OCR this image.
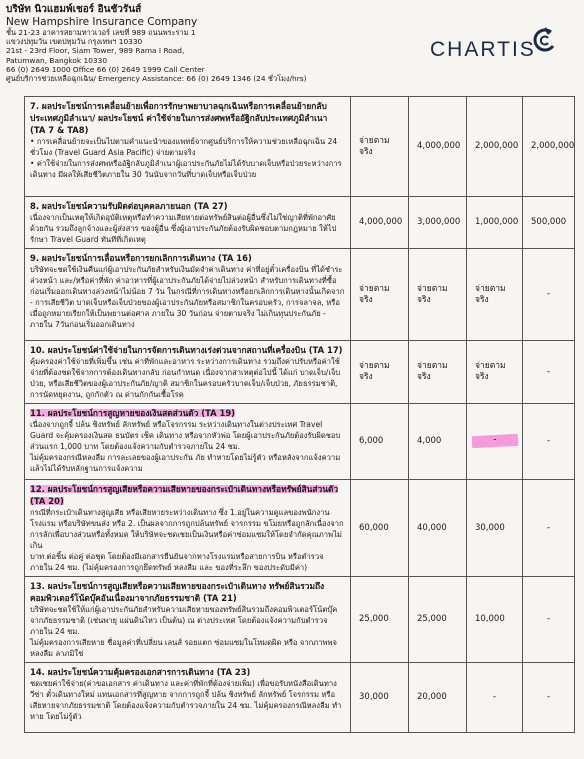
บริษัท นิวแฮมพ์เชอร์ อินชัวรันส์
New Hampshire Insurance Company
ชั้น 21-23 อาคารสยามทาวเวอร์ เลขที่ 989 ถนนพระราม 1
แขวงปทุมวัน เขตปทุมวัน กรุงเทพฯ 10330
21st - 23rd Floor, Siam Tower, 989 Rama I Road,
Patumwan, Bangkok 10330
66 (0) 2649 1000 Office 66 (0) 2649 1999 Call Center
ศูนย์บริการช่วยเหลือฉุกเฉิน/ Emergency Assistance: 66 (0) 2649 1346 (24 ชั่วโมง/hrs)
CHARTIS
7. ผลประโยชน์การเคลื่อนย้ายเพื่อการรักษาพยาบาลฉุกเฉินหรือการเคลื่อนย้ายกลับประเทศภูมิลำเนา/ ผลประโยชน์ ค่าใช้จ่ายในการส่งศพหรืออัฐิกลับประเทศภูมิลำเนา (TA 7 & TA8)
• การเคลื่อนย้ายจะเป็นไปตามคำแนะนำของแพทย์จากศูนย์บริการให้ความช่วยเหลือฉุกเฉิน 24 ชั่วโมง (Travel Guard Asia Pacific) จ่ายตามจริง
• ค่าใช้จ่ายในการส่งศพหรืออัฐิกลับภูมิลำเนาผู้เอาประกันภัยไม่ได้รับบาดเจ็บหรือป่วยระหว่างการเดินทาง มีผลให้เสียชีวิตภายใน 30 วันนับจากวันที่บาดเจ็บหรือเจ็บป่วย	จ่ายตามจริง	4,000,000	2,000,000	2,000,000

8. ผลประโยชน์ความรับผิดต่อบุคคลภายนอก (TA 27)
เนื่องจากเป็นเหตุให้เกิดอุบัติเหตุหรือทำความเสียหายต่อทรัพย์สินต่อผู้อื่นซึ่งไม่ใช่ญาติที่พักอาศัยด้วยกัน รวมถึงลูกจ้างและผู้ส่งสาร ของผู้อื่น ซึ่งผู้เอาประกันภัยต้องรับผิดชอบตามกฎหมาย ให้ไปรักษา Travel Guard ทันทีที่เกิดเหตุ	4,000,000	3,000,000	1,000,000	500,000

9. ผลประโยชน์การเลื่อนหรือการยกเลิกการเดินทาง (TA 16)
บริษัทจะชดใช้เงินคืนแก่ผู้เอาประกันภัยสำหรับเงินมัดจำค่าเดินทาง ค่าที่อยู่ตั๋วเครื่องบิน ที่ได้ชำระล่วงหน้า และ/หรือค่าที่พัก ค่าอาหารที่ผู้เอาประกันภัยได้จ่ายไปล่วงหน้า สำหรับการเดินทางที่ซื้อก่อนเริ่มออกเดินทางล่วงหน้าไม่น้อย 7 วัน ในกรณีที่การเดินทางหรือยกเลิกการเดินทางนั้นเกิดจาก
- การเสียชีวิต บาดเจ็บหรือเจ็บป่วยของผู้เอาประกันภัยหรือสมาชิกในครอบครัว, การจลาจล, หรือเมื่อถูกหมายเรียกให้เป็นพยานต่อศาล ภายใน 30 วันก่อน จ่ายตามจริง ไม่เกินทุนประกันภัย - ภายใน 7วันก่อนเริ่มออกเดินทาง	จ่ายตามจริง	จ่ายตาม จริง	จ่ายตาม จริง	-

10. ผลประโยชน์ค่าใช้จ่ายในการจัดการเดินทางเร่งด่วนจากสถานที่เครื่องบิน (TA 17)
คุ้มครองค่าใช้จ่ายที่เพิ่มขึ้น เช่น ค่าที่พักและอาหาร ระหว่างการเดินทาง รวมถึงค่าปรับหรือค่าใช้จ่ายที่ต้องชดใช้จากการต้องเดินทางกลับ ก่อนกำหนด เนื่องจากสาเหตุต่อไปนี้ ได้แก่ บาดเจ็บ/เจ็บป่วย, หรือเสียชีวิตของผู้เอาประกันภัย/ญาติ สมาชิกในครอบครัวบาดเจ็บ/เจ็บป่วย, ภัยธรรมชาติ, การนัดหยุดงาน, ถูกกักตัว ณ ด่านกักกันเชื้อโรค	จ่ายตามจริง	จ่ายตามจริง	จ่ายตามจริง	-

11. ผลประโยชน์การสูญหายของเงินสดส่วนตัว (TA 19)
เนื่องจากถูกจี้ ปล้น ชิงทรัพย์ ลักทรัพย์ หรือโจรกรรม ระหว่างเดินทางในต่างประเทศ Travel Guard จะคุ้มครองเงินสด ธนบัตร เช็ค เดินทาง หรือจากหัวพ่อ โดยผู้เอาประกันภัยต้องรับผิดชอบส่วนแรก 1,000 บาท โดยต้องแจ้งความกับตำรวจภายใน 24 ชม.
ไม่คุ้มครองกรณีหลงลืม การละเลยของผู้เอาประกัน ภัย ทำหายโดยไม่รู้ตัว หรือหลังจากแจ้งความแล้วไม่ได้รับหลักฐานการแจ้งความ	6,000	4,000	-	-

12. ผลประโยชน์การสูญเสียหรือความเสียหายของกระเป๋าเดินทางหรือทรัพย์สินส่วนตัว (TA 20)
กรณีที่กระเป๋าเดินทางสูญเสีย หรือเสียหายระหว่างเดินทาง ซึ่ง 1.อยู่ในความดูแลของพนักงานโรงแรม หรือบริษัทขนส่ง หรือ 2. เป็นผลจากการถูกปล้นทรัพย์ จารกรรม ขโมยหรือถูกลักเนื่องจากการลักเพื่อบางส่วนหรือทั้งหมด ให้บริษัทจะชดเชยเป็นเงินหรือค่าซ่อมแซมให้โดยจำกัดคุณภาพไม่เกิน
บาท ต่อชิ้น ต่อคู่ ต่อชุด โดยต้องมีเอกสารยืนยันจากทางโรงแรมหรือสายการบิน หรือตำรวจภายใน 24 ชม. (ไม่คุ้มครองการถูกยึดทรัพย์ หลงลืม และ ของที่ระลึก ของประดับมีค่า)	60,000	40,000	30,000	-

13. ผลประโยชน์การสูญเสียหรือความเสียหายของกระเป๋าเดินทาง ทรัพย์สินรวมถึงคอมพิวเตอร์โน้ตบุ๊คอันเนื่องมาจากภัยธรรมชาติ (TA 21)
บริษัทจะชดใช้ให้แก่ผู้เอาประกันภัยสำหรับความเสียหายของทรัพย์สินรวมถึงคอมพิวเตอร์โน้ตบุ๊คจากภัยธรรมชาติ (เช่นพายุ แผ่นดินไหว เป็นต้น) ณ ต่างประเทศ โดยต้องแจ้งความกับตำรวจภายใน 24 ชม.
ไม่คุ้มครองการเสียหาย ชื่อมูลค่าที่เปลี่ยน เลนส์ รอยแตก ซ่อมแซมในโหมดผิด หรือ จากภาพพจ หลงลืม ลาภมิใช่	25,000	25,000	10,000	-

14. ผลประโยชน์ความคุ้มครองเอกสารการเดินทาง (TA 23)
ชดเชยค่าใช้จ่าย(ค่าขอเอกสาร ค่าเดินทาง และค่าที่พักที่ต้องจ่ายเพิ่ม) เพื่อขอรับหนังสือเดินทาง วีซ่า ตั๋วเดินทางใหม่ แทนเอกสารที่สูญหาย จากการถูกจี้ ปล้น ชิงทรัพย์ ลักทรัพย์ โจรกรรม หรือเสียหายจากภัยธรรมชาติ โดยต้องแจ้งความกับตำรวจภายใน 24 ชม. ไม่คุ้มครองกรณีหลงลืม ทำหาย โดยไม่รู้ตัว	30,000	20,000	-	-
